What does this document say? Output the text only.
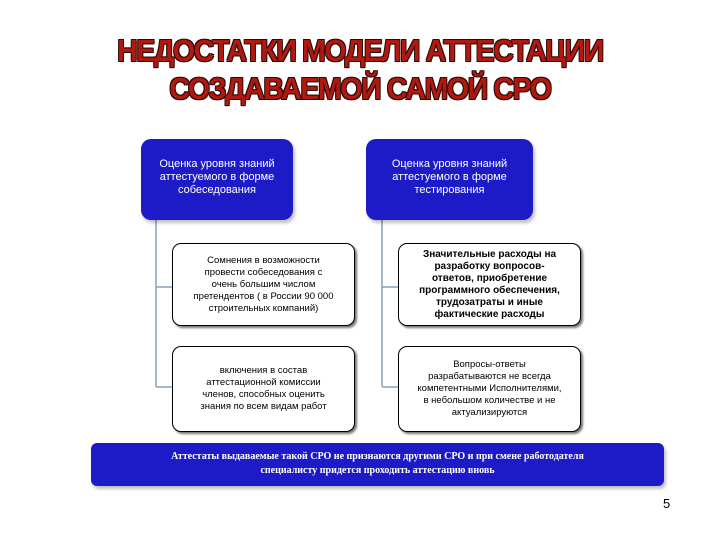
НЕДОСТАТКИ МОДЕЛИ АТТЕСТАЦИИ
СОЗДАВАЕМОЙ САМОЙ СРО
Оценка уровня знаний
аттестуемого в форме
собеседования
Оценка уровня знаний
аттестуемого в форме
тестирования
Сомнения в возможности
провести собеседования с
очень большим числом
претендентов ( в России 90 000
строительных компаний)
Значительные расходы на
разработку вопросов-
ответов, приобретение
программного обеспечения,
трудозатраты и иные
фактические расходы
включения в состав
аттестационной комиссии
членов, способных оценить
знания по всем видам работ
Вопросы-ответы
разрабатываются не всегда
компетентными Исполнителями,
в небольшом количестве и не
актуализируются
Аттестаты выдаваемые такой СРО не признаются другими СРО и при смене работодателя
специалисту придется проходить аттестацию вновь
5
